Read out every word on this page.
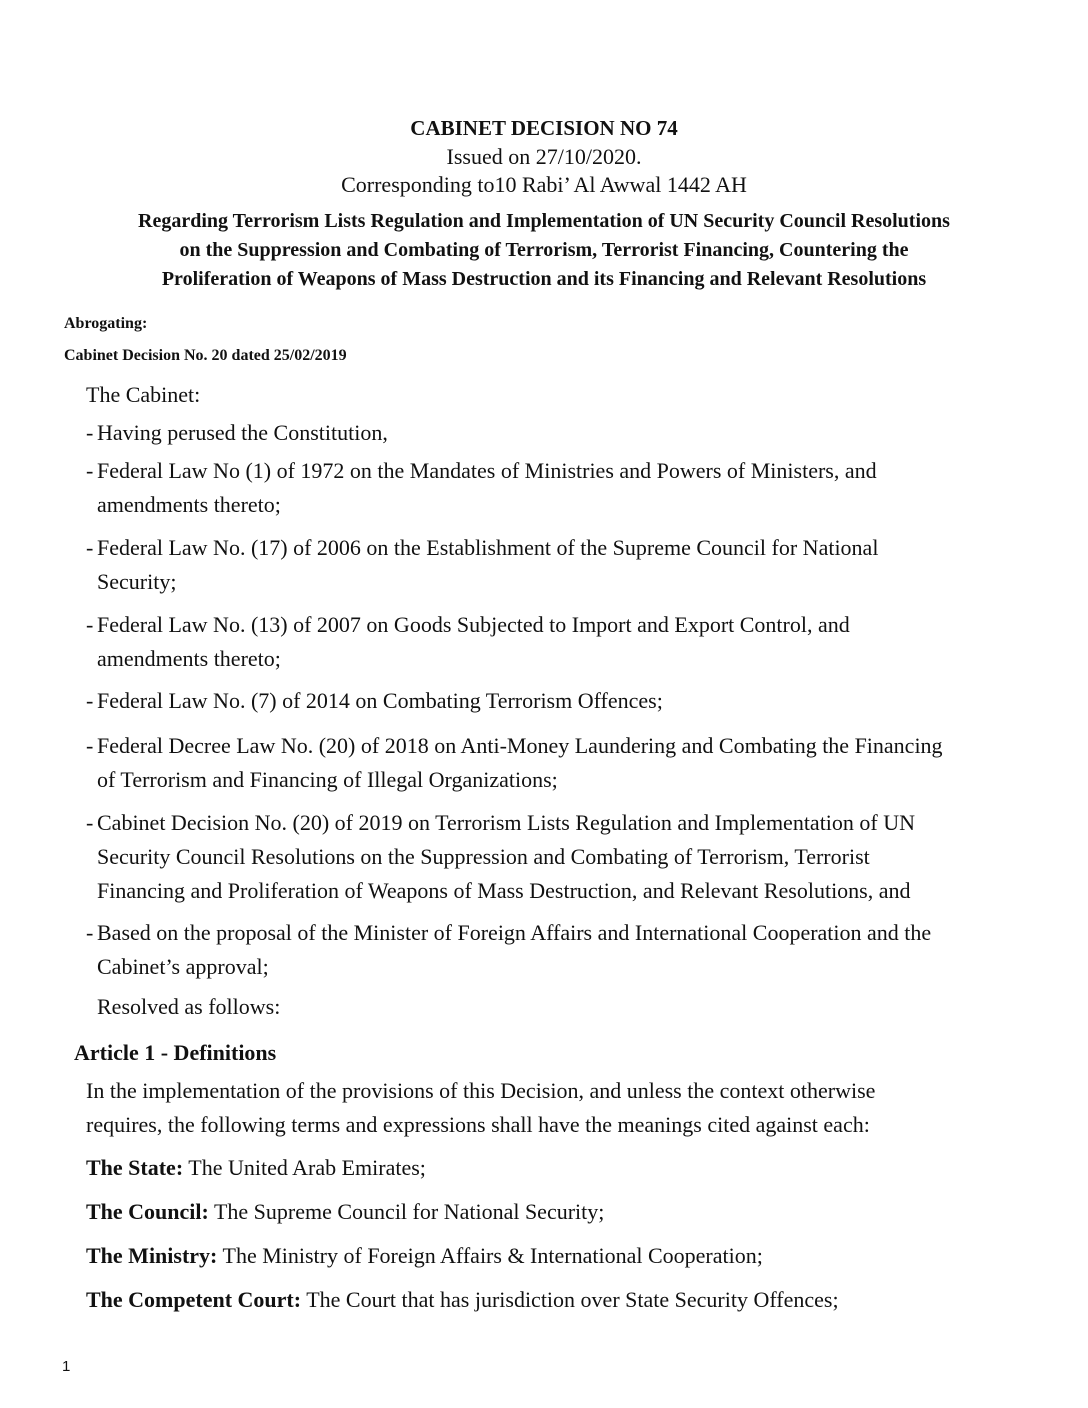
CABINET DECISION NO 74
Issued on 27/10/2020.
Corresponding to10 Rabi’ Al Awwal 1442 AH
Regarding Terrorism Lists Regulation and Implementation of UN Security Council Resolutions
on the Suppression and Combating of Terrorism, Terrorist Financing, Countering the
Proliferation of Weapons of Mass Destruction and its Financing and Relevant Resolutions
Abrogating:
Cabinet Decision No. 20 dated 25/02/2019
The Cabinet:
- Having perused the Constitution,
- Federal Law No (1) of 1972 on the Mandates of Ministries and Powers of Ministers, and
amendments thereto;
- Federal Law No. (17) of 2006 on the Establishment of the Supreme Council for National
Security;
- Federal Law No. (13) of 2007 on Goods Subjected to Import and Export Control, and
amendments thereto;
- Federal Law No. (7) of 2014 on Combating Terrorism Offences;
- Federal Decree Law No. (20) of 2018 on Anti-Money Laundering and Combating the Financing
of Terrorism and Financing of Illegal Organizations;
- Cabinet Decision No. (20) of 2019 on Terrorism Lists Regulation and Implementation of UN
Security Council Resolutions on the Suppression and Combating of Terrorism, Terrorist
Financing and Proliferation of Weapons of Mass Destruction, and Relevant Resolutions, and
- Based on the proposal of the Minister of Foreign Affairs and International Cooperation and the
Cabinet’s approval;
Resolved as follows:
Article 1 - Definitions
In the implementation of the provisions of this Decision, and unless the context otherwise
requires, the following terms and expressions shall have the meanings cited against each:
The State: The United Arab Emirates;
The Council: The Supreme Council for National Security;
The Ministry: The Ministry of Foreign Affairs & International Cooperation;
The Competent Court: The Court that has jurisdiction over State Security Offences;
1
